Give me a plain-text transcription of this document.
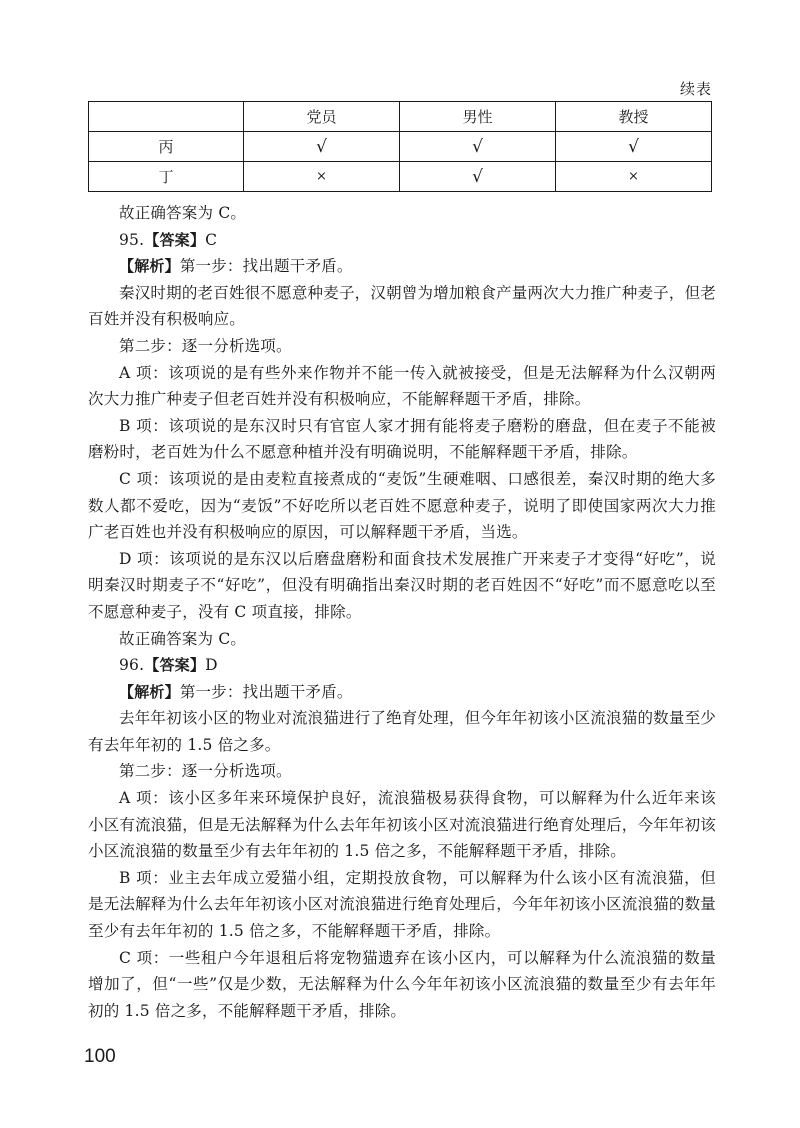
续表
	党员	男性	教授
丙	√	√	√
丁	×	√	×

故正确答案为 C。

95.【答案】C

【解析】第一步：找出题干矛盾。

秦汉时期的老百姓很不愿意种麦子，汉朝曾为增加粮食产量两次大力推广种麦子，但老百姓并没有积极响应。

第二步：逐一分析选项。

A 项：该项说的是有些外来作物并不能一传入就被接受，但是无法解释为什么汉朝两次大力推广种麦子但老百姓并没有积极响应，不能解释题干矛盾，排除。

B 项：该项说的是东汉时只有官宦人家才拥有能将麦子磨粉的磨盘，但在麦子不能被磨粉时，老百姓为什么不愿意种植并没有明确说明，不能解释题干矛盾，排除。

C 项：该项说的是由麦粒直接煮成的“麦饭”生硬难咽、口感很差，秦汉时期的绝大多数人都不爱吃，因为“麦饭”不好吃所以老百姓不愿意种麦子，说明了即使国家两次大力推广老百姓也并没有积极响应的原因，可以解释题干矛盾，当选。

D 项：该项说的是东汉以后磨盘磨粉和面食技术发展推广开来麦子才变得“好吃”，说明秦汉时期麦子不“好吃”，但没有明确指出秦汉时期的老百姓因不“好吃”而不愿意吃以至不愿意种麦子，没有 C 项直接，排除。

故正确答案为 C。

96.【答案】D

【解析】第一步：找出题干矛盾。

去年年初该小区的物业对流浪猫进行了绝育处理，但今年年初该小区流浪猫的数量至少有去年年初的 1.5 倍之多。

第二步：逐一分析选项。

A 项：该小区多年来环境保护良好，流浪猫极易获得食物，可以解释为什么近年来该小区有流浪猫，但是无法解释为什么去年年初该小区对流浪猫进行绝育处理后，今年年初该小区流浪猫的数量至少有去年年初的 1.5 倍之多，不能解释题干矛盾，排除。

B 项：业主去年成立爱猫小组，定期投放食物，可以解释为什么该小区有流浪猫，但是无法解释为什么去年年初该小区对流浪猫进行绝育处理后，今年年初该小区流浪猫的数量至少有去年年初的 1.5 倍之多，不能解释题干矛盾，排除。

C 项：一些租户今年退租后将宠物猫遗弃在该小区内，可以解释为什么流浪猫的数量增加了，但“一些”仅是少数，无法解释为什么今年年初该小区流浪猫的数量至少有去年年初的 1.5 倍之多，不能解释题干矛盾，排除。

100
